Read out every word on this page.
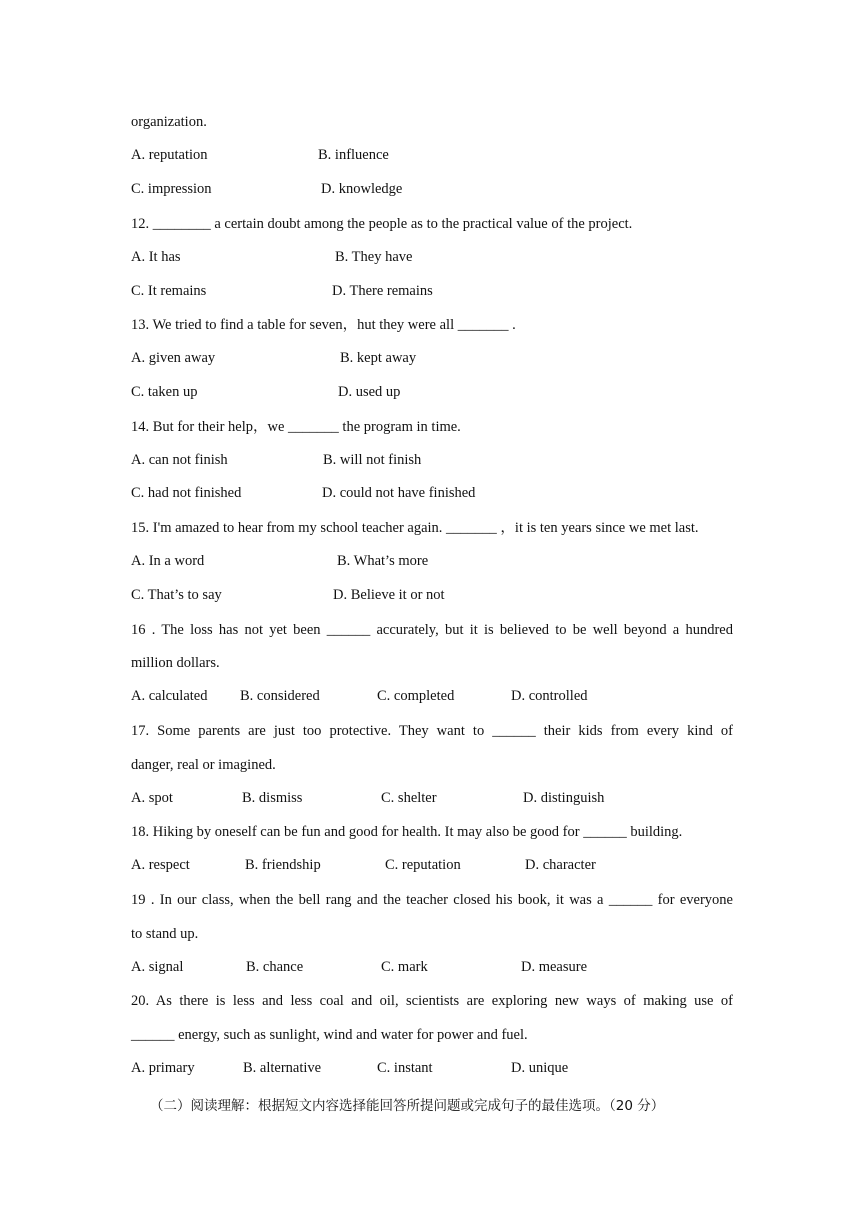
organization.
A. reputation	B. influence
C. impression	D. knowledge
12. ________ a certain doubt among the people as to the practical value of the project.
A. It has	B. They have
C. It remains	D. There remains
13. We tried to find a table for seven，hut they were all _______ .
A. given away	B. kept away
C. taken up	D. used up
14. But for their help，we _______ the program in time.
A. can not finish	B. will not finish
C. had not finished	D. could not have finished
15. I'm amazed to hear from my school teacher again. _______ ，it is ten years since we met last.
A. In a word	B. What’s more
C. That’s to say	D. Believe it or not
16 . The loss has not yet been ______ accurately, but it is believed to be well beyond a hundred
million dollars.
A. calculated B. considered	C. completed	D. controlled
17. Some parents are just too protective. They want to ______ their kids from every kind of
danger, real or imagined.
A. spot	B. dismiss	C. shelter	D. distinguish
18. Hiking by oneself can be fun and good for health. It may also be good for ______ building.
A. respect	B. friendship	C. reputation	D. character
19 . In our class, when the bell rang and the teacher closed his book, it was a ______ for everyone
to stand up.
A. signal	B. chance	C. mark	D. measure
20. As there is less and less coal and oil, scientists are exploring new ways of making use of
______ energy, such as sunlight, wind and water for power and fuel.
A. primary	B. alternative	C. instant	D. unique
（二）阅读理解：根据短文内容选择能回答所提问题或完成句子的最佳选项。（20 分）
